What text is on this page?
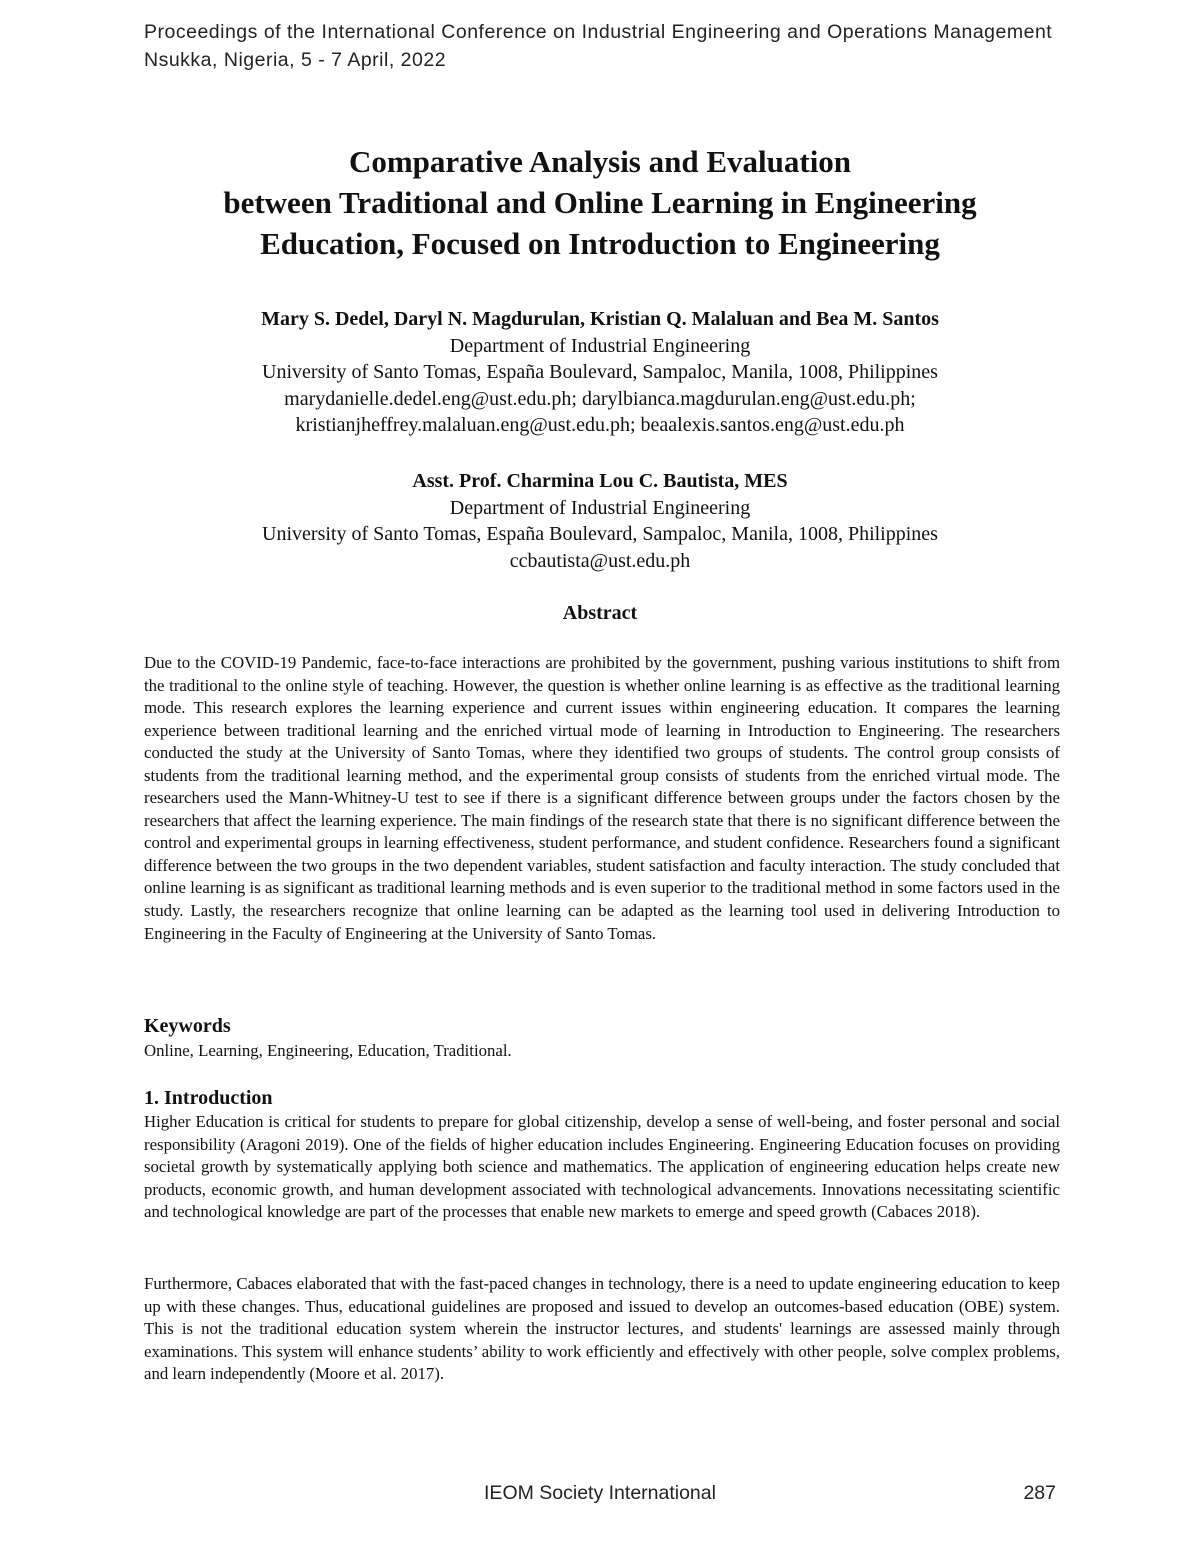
Proceedings of the International Conference on Industrial Engineering and Operations Management
Nsukka, Nigeria, 5 - 7 April, 2022
Comparative Analysis and Evaluation
between Traditional and Online Learning in Engineering
Education, Focused on Introduction to Engineering
Mary S. Dedel, Daryl N. Magdurulan, Kristian Q. Malaluan and Bea M. Santos
Department of Industrial Engineering
University of Santo Tomas, España Boulevard, Sampaloc, Manila, 1008, Philippines
marydanielle.dedel.eng@ust.edu.ph; darylbianca.magdurulan.eng@ust.edu.ph;
kristianjheffrey.malaluan.eng@ust.edu.ph; beaalexis.santos.eng@ust.edu.ph
Asst. Prof. Charmina Lou C. Bautista, MES
Department of Industrial Engineering
University of Santo Tomas, España Boulevard, Sampaloc, Manila, 1008, Philippines
ccbautista@ust.edu.ph
Abstract
Due to the COVID-19 Pandemic, face-to-face interactions are prohibited by the government, pushing various institutions to shift from the traditional to the online style of teaching. However, the question is whether online learning is as effective as the traditional learning mode. This research explores the learning experience and current issues within engineering education. It compares the learning experience between traditional learning and the enriched virtual mode of learning in Introduction to Engineering. The researchers conducted the study at the University of Santo Tomas, where they identified two groups of students. The control group consists of students from the traditional learning method, and the experimental group consists of students from the enriched virtual mode. The researchers used the Mann-Whitney-U test to see if there is a significant difference between groups under the factors chosen by the researchers that affect the learning experience. The main findings of the research state that there is no significant difference between the control and experimental groups in learning effectiveness, student performance, and student confidence. Researchers found a significant difference between the two groups in the two dependent variables, student satisfaction and faculty interaction. The study concluded that online learning is as significant as traditional learning methods and is even superior to the traditional method in some factors used in the study. Lastly, the researchers recognize that online learning can be adapted as the learning tool used in delivering Introduction to Engineering in the Faculty of Engineering at the University of Santo Tomas.
Keywords
Online, Learning, Engineering, Education, Traditional.
1. Introduction
Higher Education is critical for students to prepare for global citizenship, develop a sense of well-being, and foster personal and social responsibility (Aragoni 2019). One of the fields of higher education includes Engineering. Engineering Education focuses on providing societal growth by systematically applying both science and mathematics. The application of engineering education helps create new products, economic growth, and human development associated with technological advancements. Innovations necessitating scientific and technological knowledge are part of the processes that enable new markets to emerge and speed growth (Cabaces 2018).
Furthermore, Cabaces elaborated that with the fast-paced changes in technology, there is a need to update engineering education to keep up with these changes. Thus, educational guidelines are proposed and issued to develop an outcomes-based education (OBE) system. This is not the traditional education system wherein the instructor lectures, and students' learnings are assessed mainly through examinations. This system will enhance students’ ability to work efficiently and effectively with other people, solve complex problems, and learn independently (Moore et al. 2017).
IEOM Society International	287
